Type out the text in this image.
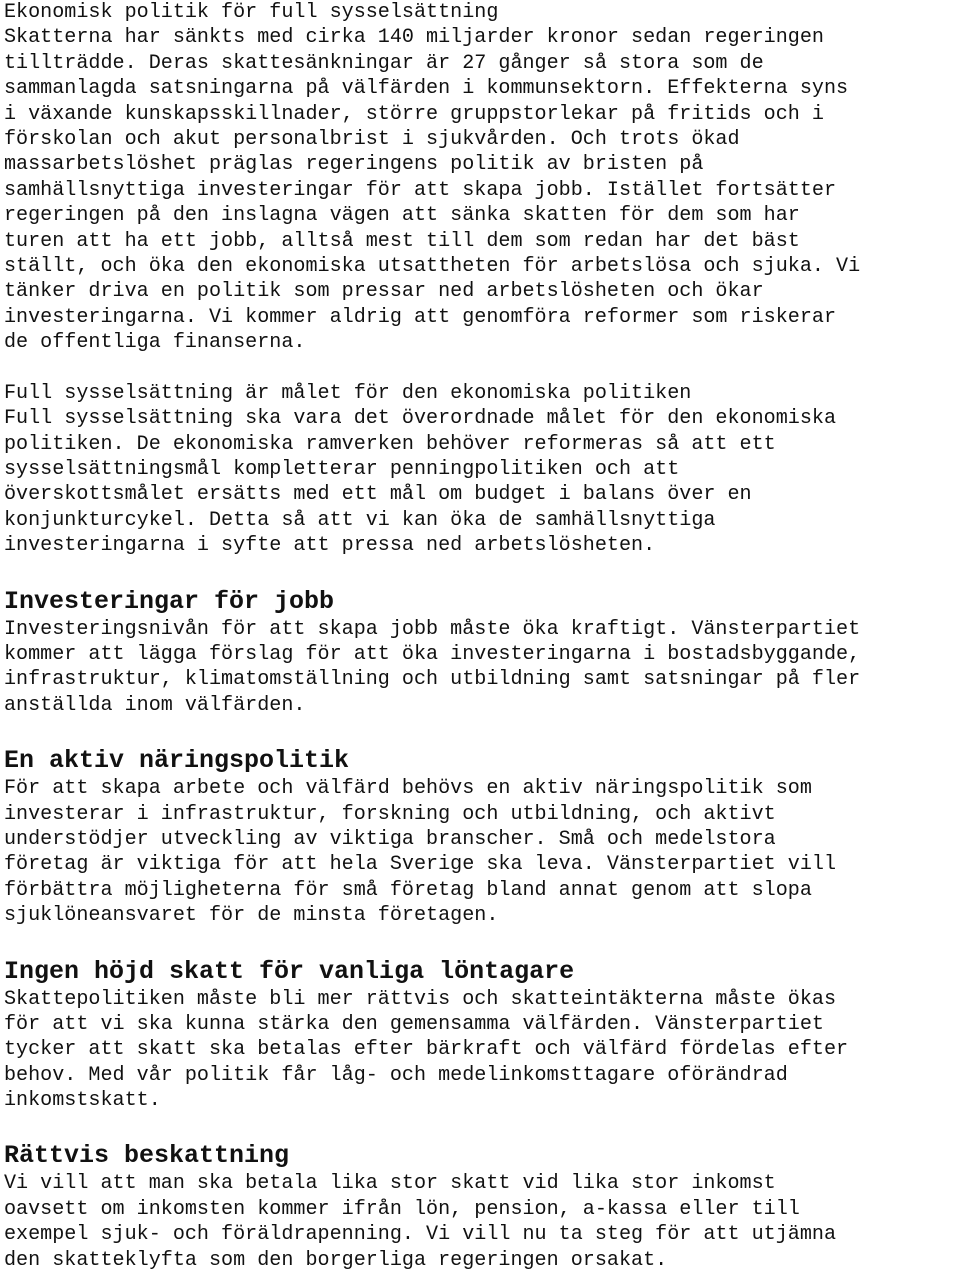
Ekonomisk politik för full sysselsättning
Skatterna har sänkts med cirka 140 miljarder kronor sedan regeringen
tillträdde. Deras skattesänkningar är 27 gånger så stora som de
sammanlagda satsningarna på välfärden i kommunsektorn. Effekterna syns
i växande kunskapsskillnader, större gruppstorlekar på fritids och i
förskolan och akut personalbrist i sjukvården. Och trots ökad
massarbetslöshet präglas regeringens politik av bristen på
samhällsnyttiga investeringar för att skapa jobb. Istället fortsätter
regeringen på den inslagna vägen att sänka skatten för dem som har
turen att ha ett jobb, alltså mest till dem som redan har det bäst
ställt, och öka den ekonomiska utsattheten för arbetslösa och sjuka. Vi
tänker driva en politik som pressar ned arbetslösheten och ökar
investeringarna. Vi kommer aldrig att genomföra reformer som riskerar
de offentliga finanserna.
Full sysselsättning är målet för den ekonomiska politiken
Full sysselsättning ska vara det överordnade målet för den ekonomiska
politiken. De ekonomiska ramverken behöver reformeras så att ett
sysselsättningsmål kompletterar penningpolitiken och att
överskottsmålet ersätts med ett mål om budget i balans över en
konjunkturcykel. Detta så att vi kan öka de samhällsnyttiga
investeringarna i syfte att pressa ned arbetslösheten.
Investeringar för jobb
Investeringsnivån för att skapa jobb måste öka kraftigt. Vänsterpartiet
kommer att lägga förslag för att öka investeringarna i bostadsbyggande,
infrastruktur, klimatomställning och utbildning samt satsningar på fler
anställda inom välfärden.
En aktiv näringspolitik
För att skapa arbete och välfärd behövs en aktiv näringspolitik som
investerar i infrastruktur, forskning och utbildning, och aktivt
understödjer utveckling av viktiga branscher. Små och medelstora
företag är viktiga för att hela Sverige ska leva. Vänsterpartiet vill
förbättra möjligheterna för små företag bland annat genom att slopa
sjuklöneansvaret för de minsta företagen.
Ingen höjd skatt för vanliga löntagare
Skattepolitiken måste bli mer rättvis och skatteintäkterna måste ökas
för att vi ska kunna stärka den gemensamma välfärden. Vänsterpartiet
tycker att skatt ska betalas efter bärkraft och välfärd fördelas efter
behov. Med vår politik får låg- och medelinkomsttagare oförändrad
inkomstskatt.
Rättvis beskattning
Vi vill att man ska betala lika stor skatt vid lika stor inkomst
oavsett om inkomsten kommer ifrån lön, pension, a-kassa eller till
exempel sjuk- och föräldrapenning. Vi vill nu ta steg för att utjämna
den skatteklyfta som den borgerliga regeringen orsakat.
